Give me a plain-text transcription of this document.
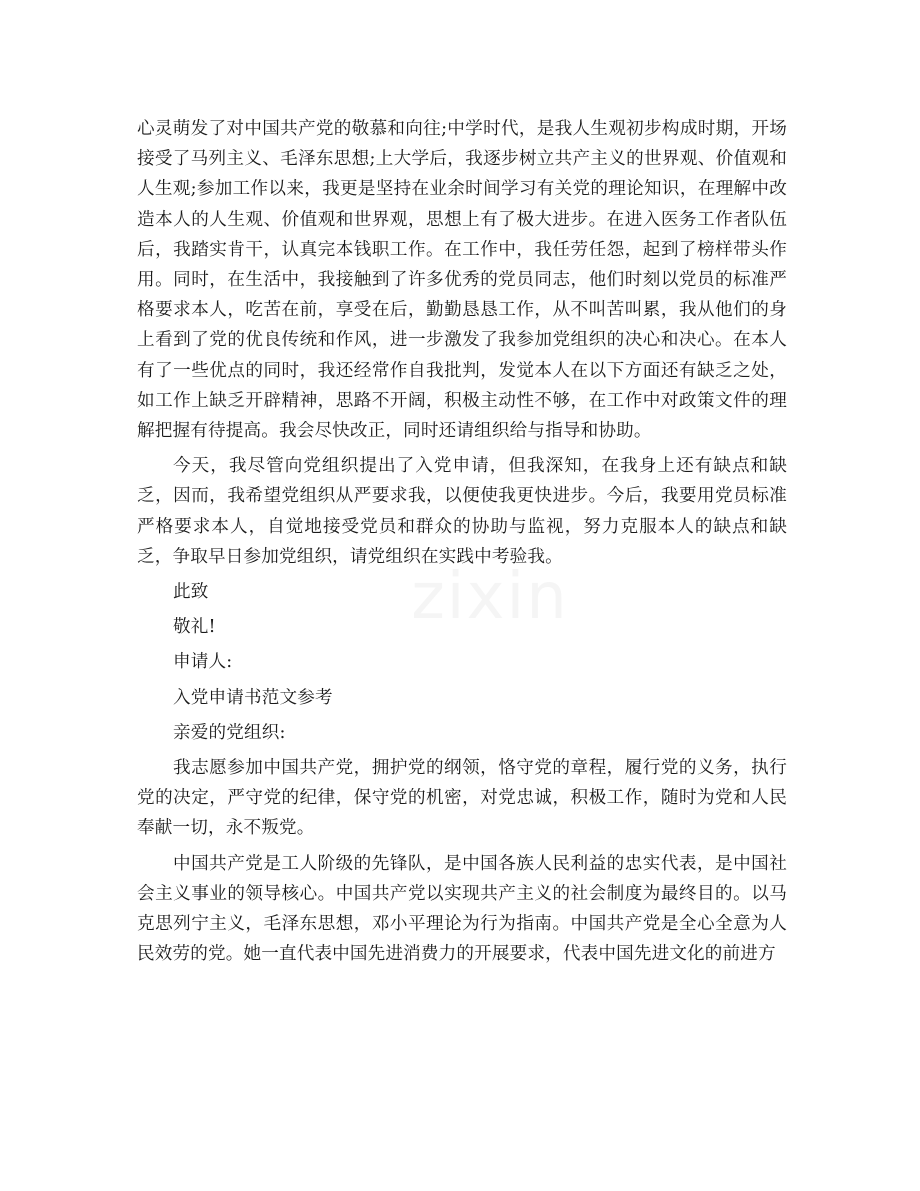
心灵萌发了对中国共产党的敬慕和向往;中学时代，是我人生观初步构成时期，开场接受了马列主义、毛泽东思想;上大学后，我逐步树立共产主义的世界观、价值观和人生观;参加工作以来，我更是坚持在业余时间学习有关党的理论知识，在理解中改造本人的人生观、价值观和世界观，思想上有了极大进步。在进入医务工作者队伍后，我踏实肯干，认真完本钱职工作。在工作中，我任劳任怨，起到了榜样带头作用。同时，在生活中，我接触到了许多优秀的党员同志，他们时刻以党员的标准严格要求本人，吃苦在前，享受在后，勤勤恳恳工作，从不叫苦叫累，我从他们的身上看到了党的优良传统和作风，进一步激发了我参加党组织的决心和决心。在本人有了一些优点的同时，我还经常作自我批判，发觉本人在以下方面还有缺乏之处，如工作上缺乏开辟精神，思路不开阔，积极主动性不够，在工作中对政策文件的理解把握有待提高。我会尽快改正，同时还请组织给与指导和协助。

今天，我尽管向党组织提出了入党申请，但我深知，在我身上还有缺点和缺乏，因而，我希望党组织从严要求我，以便使我更快进步。今后，我要用党员标准严格要求本人，自觉地接受党员和群众的协助与监视，努力克服本人的缺点和缺乏，争取早日参加党组织，请党组织在实践中考验我。

此致

敬礼!

申请人:

入党申请书范文参考

亲爱的党组织:

我志愿参加中国共产党，拥护党的纲领，恪守党的章程，履行党的义务，执行党的决定，严守党的纪律，保守党的机密，对党忠诚，积极工作，随时为党和人民奉献一切，永不叛党。

中国共产党是工人阶级的先锋队，是中国各族人民利益的忠实代表，是中国社会主义事业的领导核心。中国共产党以实现共产主义的社会制度为最终目的。以马克思列宁主义，毛泽东思想，邓小平理论为行为指南。中国共产党是全心全意为人民效劳的党。她一直代表中国先进消费力的开展要求，代表中国先进文化的前进方

zixin
